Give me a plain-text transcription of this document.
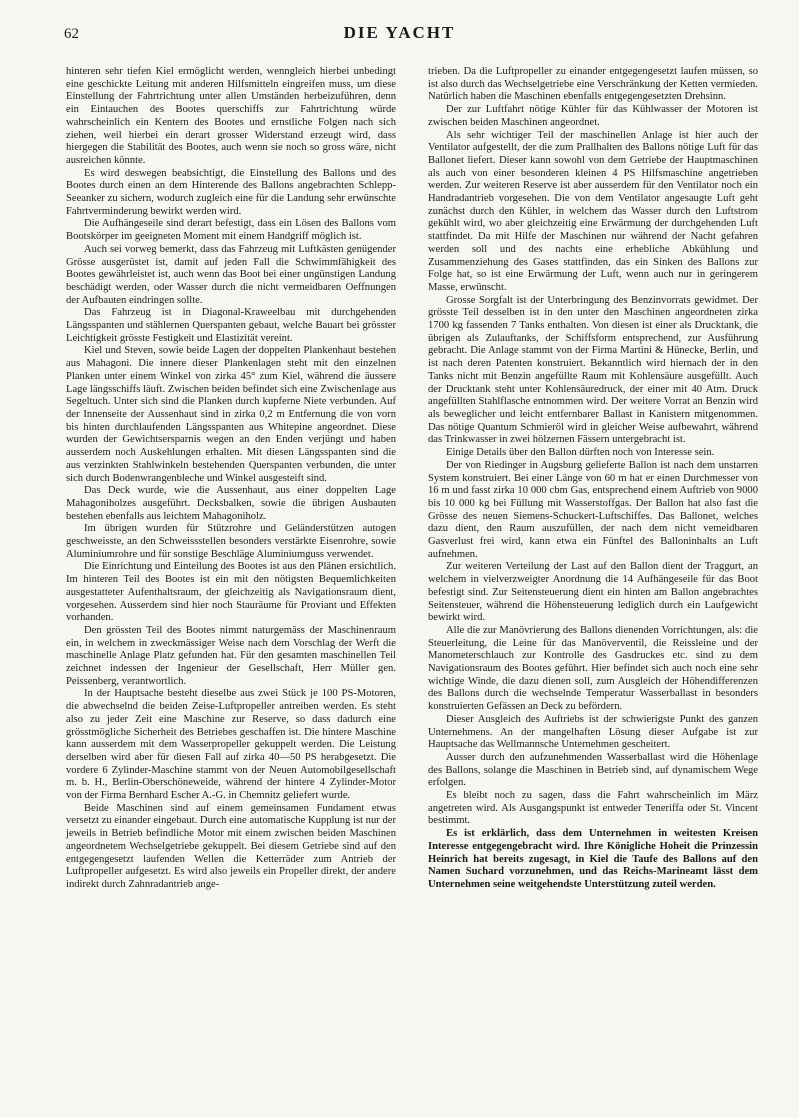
62	DIE YACHT

hinteren sehr tiefen Kiel ermöglicht werden, wenngleich hierbei unbedingt eine geschickte Leitung mit anderen Hilfsmitteln eingreifen muss, um diese Einstellung der Fahrtrichtung unter allen Umständen herbeizuführen, denn ein Eintauchen des Bootes querschiffs zur Fahrtrichtung würde wahrscheinlich ein Kentern des Bootes und ernstliche Folgen nach sich ziehen, weil hierbei ein derart grosser Widerstand erzeugt wird, dass hiergegen die Stabilität des Bootes, auch wenn sie noch so gross wäre, nicht ausreichen könnte.

Es wird deswegen beabsichtigt, die Einstellung des Ballons und des Bootes durch einen an dem Hinterende des Ballons angebrachten Schlepp-Seeanker zu sichern, wodurch zugleich eine für die Landung sehr erwünschte Fahrtverminderung bewirkt werden wird.

Die Aufhängeseile sind derart befestigt, dass ein Lösen des Ballons vom Bootskörper im geeigneten Moment mit einem Handgriff möglich ist.

Auch sei vorweg bemerkt, dass das Fahrzeug mit Luftkästen genügender Grösse ausgerüstet ist, damit auf jeden Fall die Schwimmfähigkeit des Bootes gewährleistet ist, auch wenn das Boot bei einer ungünstigen Landung beschädigt werden, oder Wasser durch die nicht vermeidbaren Oeffnungen der Aufbauten eindringen sollte.

Das Fahrzeug ist in Diagonal-Kraweelbau mit durchgehenden Längsspanten und stählernen Querspanten gebaut, welche Bauart bei grösster Leichtigkeit grösste Festigkeit und Elastizität vereint.

Kiel und Steven, sowie beide Lagen der doppelten Plankenhaut bestehen aus Mahagoni. Die innere dieser Plankenlagen steht mit den einzelnen Planken unter einem Winkel von zirka 45° zum Kiel, während die äussere Lage längsschiffs läuft. Zwischen beiden befindet sich eine Zwischenlage aus Segeltuch. Unter sich sind die Planken durch kupferne Niete verbunden. Auf der Innenseite der Aussenhaut sind in zirka 0,2 m Entfernung die von vorn bis hinten durchlaufenden Längsspanten aus Whitepine angeordnet. Diese wurden der Gewichtsersparnis wegen an den Enden verjüngt und haben ausserdem noch Auskehlungen erhalten. Mit diesen Längsspanten sind die aus verzinkten Stahlwinkeln bestehenden Querspanten verbunden, die unter sich durch Bodenwrangenbleche und Winkel ausgesteift sind.

Das Deck wurde, wie die Aussenhaut, aus einer doppelten Lage Mahagoniholzes ausgeführt. Decksbalken, sowie die übrigen Ausbauten bestehen ebenfalls aus leichtem Mahagoniholz.

Im übrigen wurden für Stützrohre und Geländerstützen autogen geschweisste, an den Schweissstellen besonders verstärkte Eisenrohre, sowie Aluminiumrohre und für sonstige Beschläge Aluminiumguss verwendet.

Die Einrichtung und Einteilung des Bootes ist aus den Plänen ersichtlich. Im hinteren Teil des Bootes ist ein mit den nötigsten Bequemlichkeiten ausgestatteter Aufenthaltsraum, der gleichzeitig als Navigationsraum dient, vorgesehen. Ausserdem sind hier noch Stauräume für Proviant und Effekten vorhanden.

Den grössten Teil des Bootes nimmt naturgemäss der Maschinenraum ein, in welchem in zweckmässiger Weise nach dem Vorschlag der Werft die maschinelle Anlage Platz gefunden hat. Für den gesamten maschinellen Teil zeichnet indessen der Ingenieur der Gesellschaft, Herr Müller gen. Peissenberg, verantwortlich.

In der Hauptsache besteht dieselbe aus zwei Stück je 100 PS-Motoren, die abwechselnd die beiden Zeise-Luftpropeller antreiben werden. Es steht also zu jeder Zeit eine Maschine zur Reserve, so dass dadurch eine grösstmögliche Sicherheit des Betriebes geschaffen ist. Die hintere Maschine kann ausserdem mit dem Wasserpropeller gekuppelt werden. Die Leistung derselben wird aber für diesen Fall auf zirka 40—50 PS herabgesetzt. Die vordere 6 Zylinder-Maschine stammt von der Neuen Automobilgesellschaft m. b. H., Berlin-Oberschöneweide, während der hintere 4 Zylinder-Motor von der Firma Bernhard Escher A.-G. in Chemnitz geliefert wurde.

Beide Maschinen sind auf einem gemeinsamen Fundament etwas versetzt zu einander eingebaut. Durch eine automatische Kupplung ist nur der jeweils in Betrieb befindliche Motor mit einem zwischen beiden Maschinen angeordnetem Wechselgetriebe gekuppelt. Bei diesem Getriebe sind auf den entgegengesetzt laufenden Wellen die Ketterräder zum Antrieb der Luftpropeller aufgesetzt. Es wird also jeweils ein Propeller direkt, der andere indirekt durch Zahnradantrieb ange-

trieben. Da die Luftpropeller zu einander entgegengesetzt laufen müssen, so ist also durch das Wechselgetriebe eine Verschränkung der Ketten vermieden. Natürlich haben die Maschinen ebenfalls entgegengesetzten Drehsinn.

Der zur Luftfahrt nötige Kühler für das Kühlwasser der Motoren ist zwischen beiden Maschinen angeordnet.

Als sehr wichtiger Teil der maschinellen Anlage ist hier auch der Ventilator aufgestellt, der die zum Prallhalten des Ballons nötige Luft für das Ballonet liefert. Dieser kann sowohl von dem Getriebe der Hauptmaschinen als auch von einer besonderen kleinen 4 PS Hilfsmaschine angetrieben werden. Zur weiteren Reserve ist aber ausserdem für den Ventilator noch ein Handradantrieb vorgesehen. Die von dem Ventilator angesaugte Luft geht zunächst durch den Kühler, in welchem das Wasser durch den Luftstrom gekühlt wird, wo aber gleichzeitig eine Erwärmung der durchgehenden Luft stattfindet. Da mit Hilfe der Maschinen nur während der Nacht gefahren werden soll und des nachts eine erhebliche Abkühlung und Zusammenziehung des Gases stattfinden, das ein Sinken des Ballons zur Folge hat, so ist eine Erwärmung der Luft, wenn auch nur in geringerem Masse, erwünscht.

Grosse Sorgfalt ist der Unterbringung des Benzinvorrats gewidmet. Der grösste Teil desselben ist in den unter den Maschinen angeordneten zirka 1700 kg fassenden 7 Tanks enthalten. Von diesen ist einer als Drucktank, die übrigen als Zulauftanks, der Schiffsform entsprechend, zur Ausführung gebracht. Die Anlage stammt von der Firma Martini & Hünecke, Berlin, und ist nach deren Patenten konstruiert. Bekanntlich wird hiernach der in den Tanks nicht mit Benzin angefüllte Raum mit Kohlensäure ausgefüllt. Auch der Drucktank steht unter Kohlensäuredruck, der einer mit 40 Atm. Druck angefüllten Stahlflasche entnommen wird. Der weitere Vorrat an Benzin wird als beweglicher und leicht entfernbarer Ballast in Kanistern mitgenommen. Das nötige Quantum Schmieröl wird in gleicher Weise aufbewahrt, während das Trinkwasser in zwei hölzernen Fässern untergebracht ist.

Einige Details über den Ballon dürften noch von Interesse sein.

Der von Riedinger in Augsburg gelieferte Ballon ist nach dem unstarren System konstruiert. Bei einer Länge von 60 m hat er einen Durchmesser von 16 m und fasst zirka 10 000 cbm Gas, entsprechend einem Auftrieb von 9000 bis 10 000 kg bei Füllung mit Wasserstoffgas. Der Ballon hat also fast die Grösse des neuen Siemens-Schuckert-Luftschiffes. Das Ballonet, welches dazu dient, den Raum auszufüllen, der nach dem nicht vemeidbaren Gasverlust frei wird, kann etwa ein Fünftel des Balloninhalts an Luft aufnehmen.

Zur weiteren Verteilung der Last auf den Ballon dient der Traggurt, an welchem in vielverzweigter Anordnung die 14 Aufhängeseile für das Boot befestigt sind. Zur Seitensteuerung dient ein hinten am Ballon angebrachtes Seitensteuer, während die Höhensteuerung lediglich durch ein Laufgewicht bewirkt wird.

Alle die zur Manövrierung des Ballons dienenden Vorrichtungen, als: die Steuerleitung, die Leine für das Manöverventil, die Reissleine und der Manometerschlauch zur Kontrolle des Gasdruckes etc. sind zu dem Navigationsraum des Bootes geführt. Hier befindet sich auch noch eine sehr wichtige Winde, die dazu dienen soll, zum Ausgleich der Höhendifferenzen des Ballons durch die wechselnde Temperatur Wasserballast in besonders konstruierten Gefässen an Deck zu befördern.

Dieser Ausgleich des Auftriebs ist der schwierigste Punkt des ganzen Unternehmens. An der mangelhaften Lösung dieser Aufgabe ist zur Hauptsache das Wellmannsche Unternehmen gescheitert.

Ausser durch den aufzunehmenden Wasserballast wird die Höhenlage des Ballons, solange die Maschinen in Betrieb sind, auf dynamischem Wege erfolgen.

Es bleibt noch zu sagen, dass die Fahrt wahrscheinlich im März angetreten wird. Als Ausgangspunkt ist entweder Teneriffa oder St. Vincent bestimmt.

Es ist erklärlich, dass dem Unternehmen in weitesten Kreisen Interesse entgegengebracht wird. Ihre Königliche Hoheit die Prinzessin Heinrich hat bereits zugesagt, in Kiel die Taufe des Ballons auf den Namen Suchard vorzunehmen, und das Reichs-Marineamt lässt dem Unternehmen seine weitgehendste Unterstützung zuteil werden.
